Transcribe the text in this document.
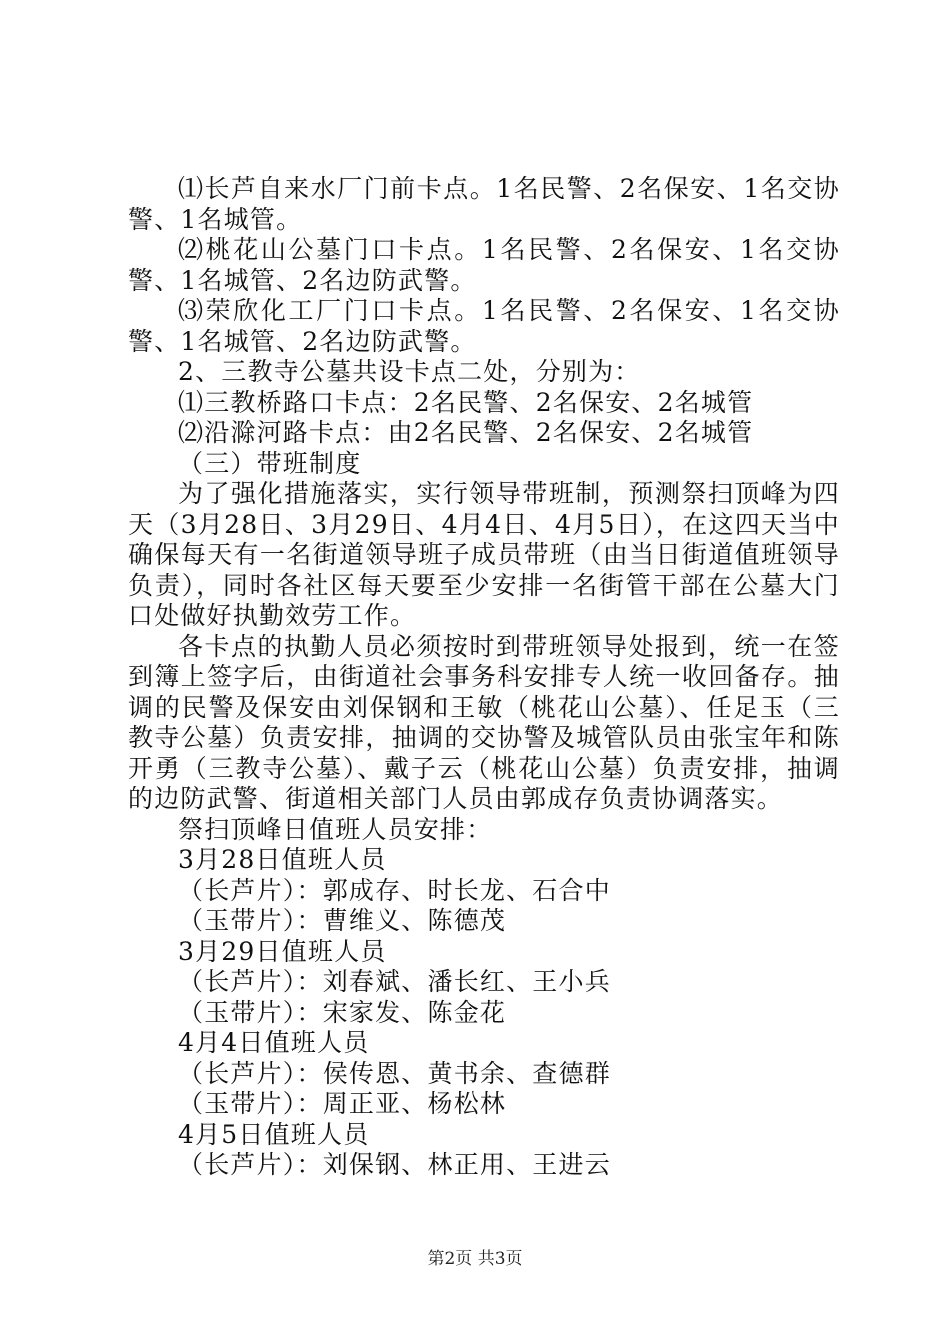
⑴长芦自来水厂门前卡点。1名民警、2名保安、1名交协警、1名城管。

⑵桃花山公墓门口卡点。1名民警、2名保安、1名交协警、1名城管、2名边防武警。

⑶荣欣化工厂门口卡点。1名民警、2名保安、1名交协警、1名城管、2名边防武警。

2、三教寺公墓共设卡点二处，分别为：

⑴三教桥路口卡点：2名民警、2名保安、2名城管

⑵沿滁河路卡点：由2名民警、2名保安、2名城管

（三）带班制度

为了强化措施落实，实行领导带班制，预测祭扫顶峰为四天（3月28日、3月29日、4月4日、4月5日），在这四天当中确保每天有一名街道领导班子成员带班（由当日街道值班领导负责），同时各社区每天要至少安排一名街管干部在公墓大门口处做好执勤效劳工作。

各卡点的执勤人员必须按时到带班领导处报到，统一在签到簿上签字后，由街道社会事务科安排专人统一收回备存。抽调的民警及保安由刘保钢和王敏（桃花山公墓）、任足玉（三教寺公墓）负责安排，抽调的交协警及城管队员由张宝年和陈开勇（三教寺公墓）、戴子云（桃花山公墓）负责安排，抽调的边防武警、街道相关部门人员由郭成存负责协调落实。

祭扫顶峰日值班人员安排：

3月28日值班人员

（长芦片）：郭成存、时长龙、石合中

（玉带片）：曹维义、陈德茂

3月29日值班人员

（长芦片）：刘春斌、潘长红、王小兵

（玉带片）：宋家发、陈金花

4月4日值班人员

（长芦片）：侯传恩、黄书余、查德群

（玉带片）：周正亚、杨松林

4月5日值班人员

（长芦片）：刘保钢、林正用、王进云

第2页 共3页
